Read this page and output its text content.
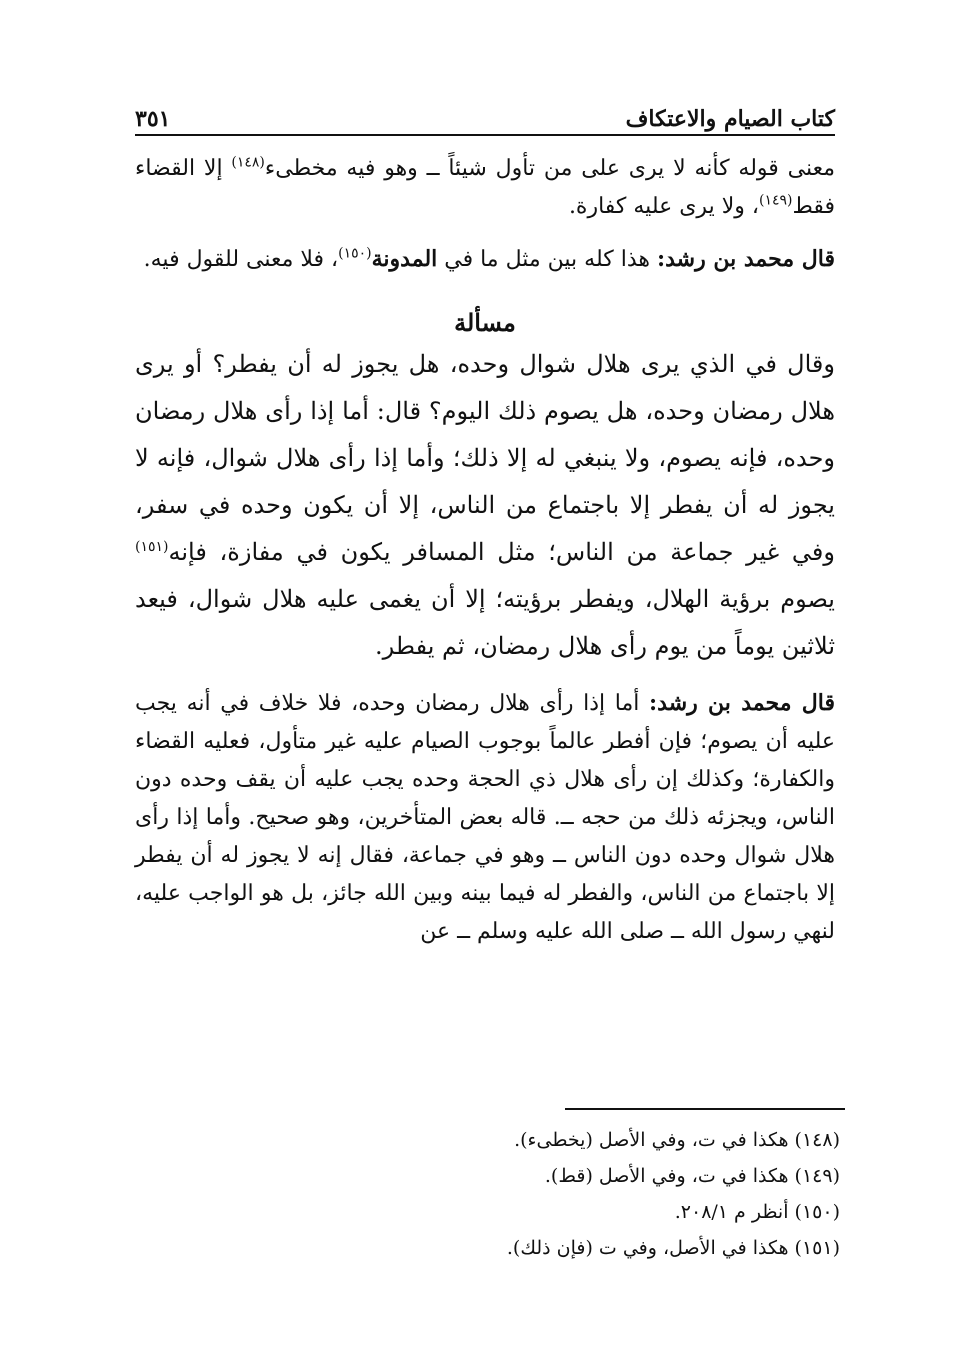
كتاب الصيام والاعتكاف
٣٥١

معنى قوله كأنه لا يرى على من تأول شيئاً ــ وهو فيه مخطىء$^{(١٤٨)}$ إلا القضاء فقط$^{(١٤٩)}$، ولا يرى عليه كفارة.

قال محمد بن رشد: هذا كله بين مثل ما في المدونة$^{(١٥٠)}$، فلا معنى للقول فيه.

مسألة

وقال في الذي يرى هلال شوال وحده، هل يجوز له أن يفطر؟ أو يرى هلال رمضان وحده، هل يصوم ذلك اليوم؟ قال: أما إذا رأى هلال رمضان وحده، فإنه يصوم، ولا ينبغي له إلا ذلك؛ وأما إذا رأى هلال شوال، فإنه لا يجوز له أن يفطر إلا باجتماع من الناس، إلا أن يكون وحده في سفر، وفي غير جماعة من الناس؛ مثل المسافر يكون في مفازة، فإنه$^{(١٥١)}$ يصوم برؤية الهلال، ويفطر برؤيته؛ إلا أن يغمى عليه هلال شوال، فيعد ثلاثين يوماً من يوم رأى هلال رمضان، ثم يفطر.

قال محمد بن رشد: أما إذا رأى هلال رمضان وحده، فلا خلاف في أنه يجب عليه أن يصوم؛ فإن أفطر عالماً بوجوب الصيام عليه غير متأول، فعليه القضاء والكفارة؛ وكذلك إن رأى هلال ذي الحجة وحده يجب عليه أن يقف وحده دون الناس، ويجزئه ذلك من حجه ــ. قاله بعض المتأخرين، وهو صحيح. وأما إذا رأى هلال شوال وحده دون الناس ــ وهو في جماعة، فقال إنه لا يجوز له أن يفطر إلا باجتماع من الناس، والفطر له فيما بينه وبين الله جائز، بل هو الواجب عليه، لنهي رسول الله ــ صلى الله عليه وسلم ــ عن

(١٤٨) هكذا في ت، وفي الأصل (يخطىء).

(١٤٩) هكذا في ت، وفي الأصل (قط).

(١٥٠) أنظر م ٢٠٨/١.

(١٥١) هكذا في الأصل، وفي ت (فإن ذلك).
